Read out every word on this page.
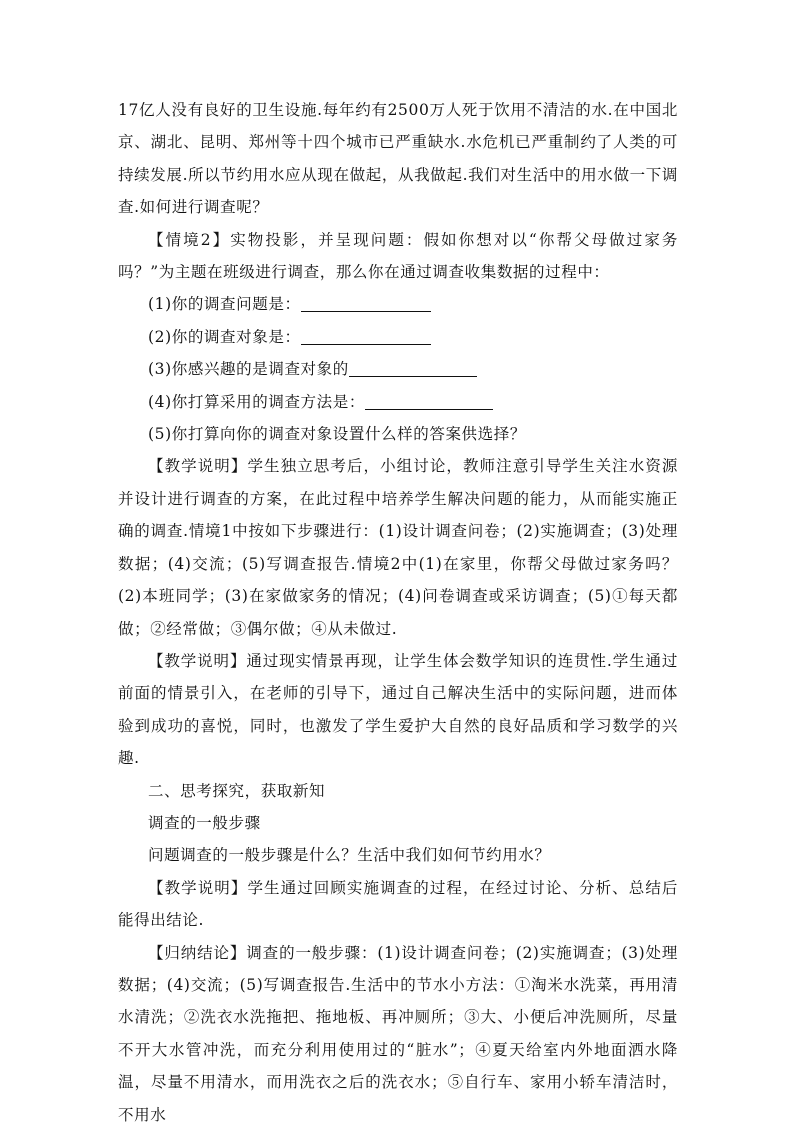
17亿人没有良好的卫生设施.每年约有2500万人死于饮用不清洁的水.在中国北京、湖北、昆明、郑州等十四个城市已严重缺水.水危机已严重制约了人类的可持续发展.所以节约用水应从现在做起，从我做起.我们对生活中的用水做一下调查.如何进行调查呢？

【情境2】实物投影，并呈现问题：假如你想对以“你帮父母做过家务吗？”为主题在班级进行调查，那么你在通过调查收集数据的过程中：

(1)你的调查问题是：

(2)你的调查对象是：

(3)你感兴趣的是调查对象的

(4)你打算采用的调查方法是：

(5)你打算向你的调查对象设置什么样的答案供选择？

【教学说明】学生独立思考后，小组讨论，教师注意引导学生关注水资源并设计进行调查的方案，在此过程中培养学生解决问题的能力，从而能实施正确的调查.情境1中按如下步骤进行：(1)设计调查问卷；(2)实施调查；(3)处理数据；(4)交流；(5)写调查报告.情境2中(1)在家里，你帮父母做过家务吗？(2)本班同学；(3)在家做家务的情况；(4)问卷调查或采访调查；(5)①每天都做；②经常做；③偶尔做；④从未做过.

【教学说明】通过现实情景再现，让学生体会数学知识的连贯性.学生通过前面的情景引入，在老师的引导下，通过自己解决生活中的实际问题，进而体验到成功的喜悦，同时，也激发了学生爱护大自然的良好品质和学习数学的兴趣.

二、思考探究，获取新知

调查的一般步骤

问题调查的一般步骤是什么？生活中我们如何节约用水？

【教学说明】学生通过回顾实施调查的过程，在经过讨论、分析、总结后能得出结论.

【归纳结论】调查的一般步骤：(1)设计调查问卷；(2)实施调查；(3)处理数据；(4)交流；(5)写调查报告.生活中的节水小方法：①淘米水洗菜，再用清水清洗；②洗衣水洗拖把、拖地板、再冲厕所；③大、小便后冲洗厕所，尽量不开大水管冲洗，而充分利用使用过的“脏水”；④夏天给室内外地面洒水降温，尽量不用清水，而用洗衣之后的洗衣水；⑤自行车、家用小轿车清洁时，不用水
